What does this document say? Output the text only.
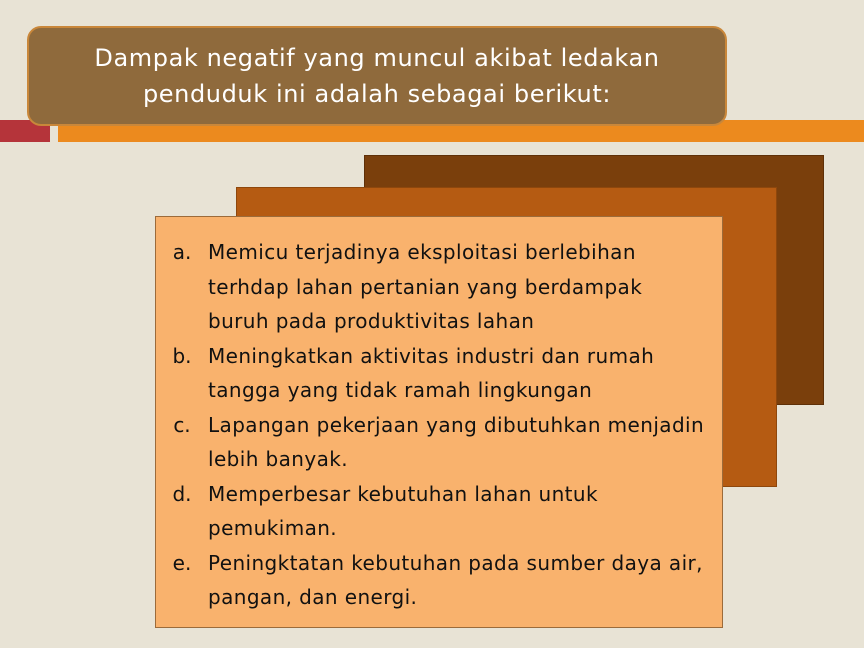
Dampak negatif yang muncul akibat ledakan penduduk ini adalah sebagai berikut:
a. Memicu terjadinya eksploitasi berlebihan terhdap lahan pertanian yang berdampak buruh pada produktivitas lahan
b. Meningkatkan aktivitas industri dan rumah tangga yang tidak ramah lingkungan
c. Lapangan pekerjaan yang dibutuhkan menjadin lebih banyak.
d. Memperbesar kebutuhan lahan untuk pemukiman.
e. Peningktatan kebutuhan pada sumber daya air, pangan, dan energi.
